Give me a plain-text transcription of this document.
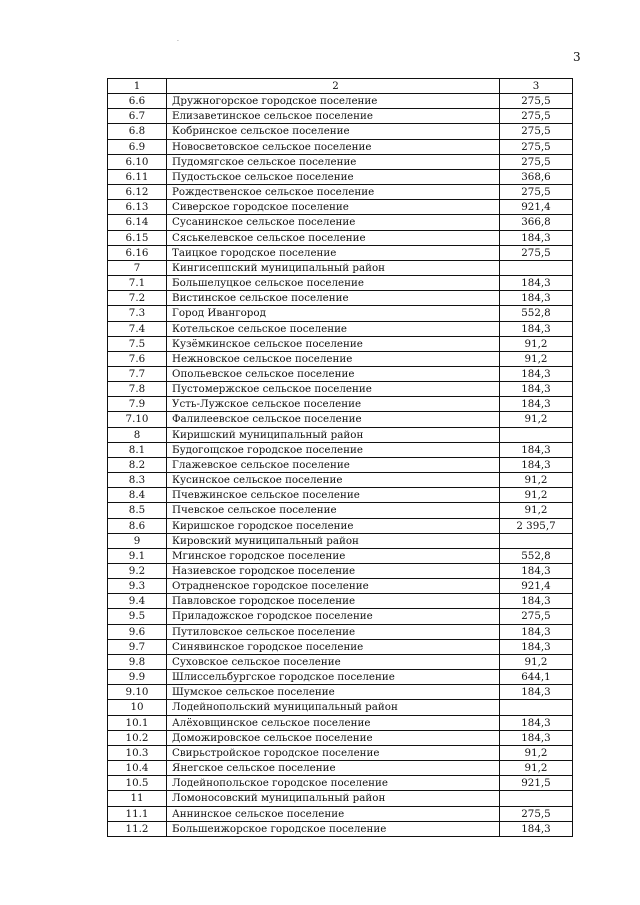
·
3
1	2	3
6.6	Дружногорское городское поселение	275,5
6.7	Елизаветинское сельское поселение	275,5
6.8	Кобринское сельское поселение	275,5
6.9	Новосветовское сельское поселение	275,5
6.10	Пудомягское сельское поселение	275,5
6.11	Пудостьское сельское поселение	368,6
6.12	Рождественское сельское поселение	275,5
6.13	Сиверское городское поселение	921,4
6.14	Сусанинское сельское поселение	366,8
6.15	Сяськелевское сельское поселение	184,3
6.16	Таицкое городское поселение	275,5
7	Кингисеппский муниципальный район	
7.1	Большелуцкое сельское поселение	184,3
7.2	Вистинское сельское поселение	184,3
7.3	Город Ивангород	552,8
7.4	Котельское сельское поселение	184,3
7.5	Кузёмкинское сельское поселение	91,2
7.6	Нежновское сельское поселение	91,2
7.7	Опольевское сельское поселение	184,3
7.8	Пустомержское сельское поселение	184,3
7.9	Усть-Лужское сельское поселение	184,3
7.10	Фалилеевское сельское поселение	91,2
8	Киришский муниципальный район	
8.1	Будогощское городское поселение	184,3
8.2	Глажевское сельское поселение	184,3
8.3	Кусинское сельское поселение	91,2
8.4	Пчевжинское сельское поселение	91,2
8.5	Пчевское сельское поселение	91,2
8.6	Киришское городское поселение	2 395,7
9	Кировский муниципальный район	
9.1	Мгинское городское поселение	552,8
9.2	Назиевское городское поселение	184,3
9.3	Отрадненское городское поселение	921,4
9.4	Павловское городское поселение	184,3
9.5	Приладожское городское поселение	275,5
9.6	Путиловское сельское поселение	184,3
9.7	Синявинское городское поселение	184,3
9.8	Суховское сельское поселение	91,2
9.9	Шлиссельбургское городское поселение	644,1
9.10	Шумское сельское поселение	184,3
10	Лодейнопольский муниципальный район	
10.1	Алёховщинское сельское поселение	184,3
10.2	Доможировское сельское поселение	184,3
10.3	Свирьстройское городское поселение	91,2
10.4	Янегское сельское поселение	91,2
10.5	Лодейнопольское городское поселение	921,5
11	Ломоносовский муниципальный район	
11.1	Аннинское сельское поселение	275,5
11.2	Большеижорское городское поселение	184,3
